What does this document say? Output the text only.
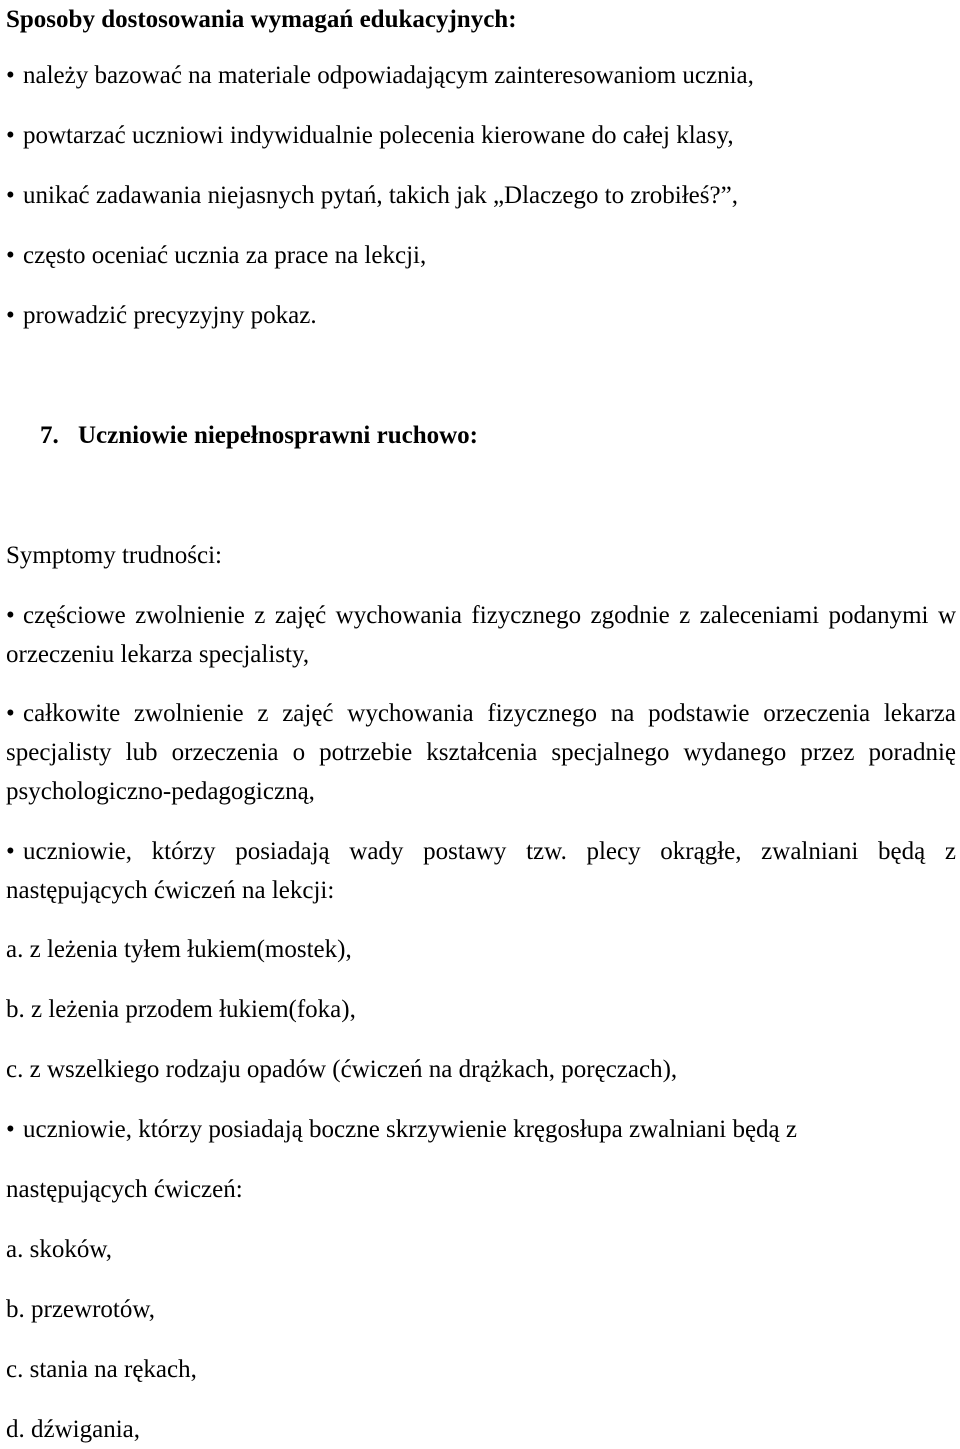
Sposoby dostosowania wymagań edukacyjnych:

• należy bazować na materiale odpowiadającym zainteresowaniom ucznia,

• powtarzać uczniowi indywidualnie polecenia kierowane do całej klasy,

• unikać zadawania niejasnych pytań, takich jak „Dlaczego to zrobiłeś?”,

• często oceniać ucznia za prace na lekcji,

• prowadzić precyzyjny pokaz.

7. Uczniowie niepełnosprawni ruchowo:

Symptomy trudności:

• częściowe zwolnienie z zajęć wychowania fizycznego zgodnie z zaleceniami podanymi w orzeczeniu lekarza specjalisty,

• całkowite zwolnienie z zajęć wychowania fizycznego na podstawie orzeczenia lekarza specjalisty lub orzeczenia o potrzebie kształcenia specjalnego wydanego przez poradnię psychologiczno-pedagogiczną,

• uczniowie, którzy posiadają wady postawy tzw. plecy okrągłe, zwalniani będą z następujących ćwiczeń na lekcji:

a. z leżenia tyłem łukiem(mostek),

b. z leżenia przodem łukiem(foka),

c. z wszelkiego rodzaju opadów (ćwiczeń na drążkach, poręczach),

• uczniowie, którzy posiadają boczne skrzywienie kręgosłupa zwalniani będą z

następujących ćwiczeń:

a. skoków,

b. przewrotów,

c. stania na rękach,

d. dźwigania,
